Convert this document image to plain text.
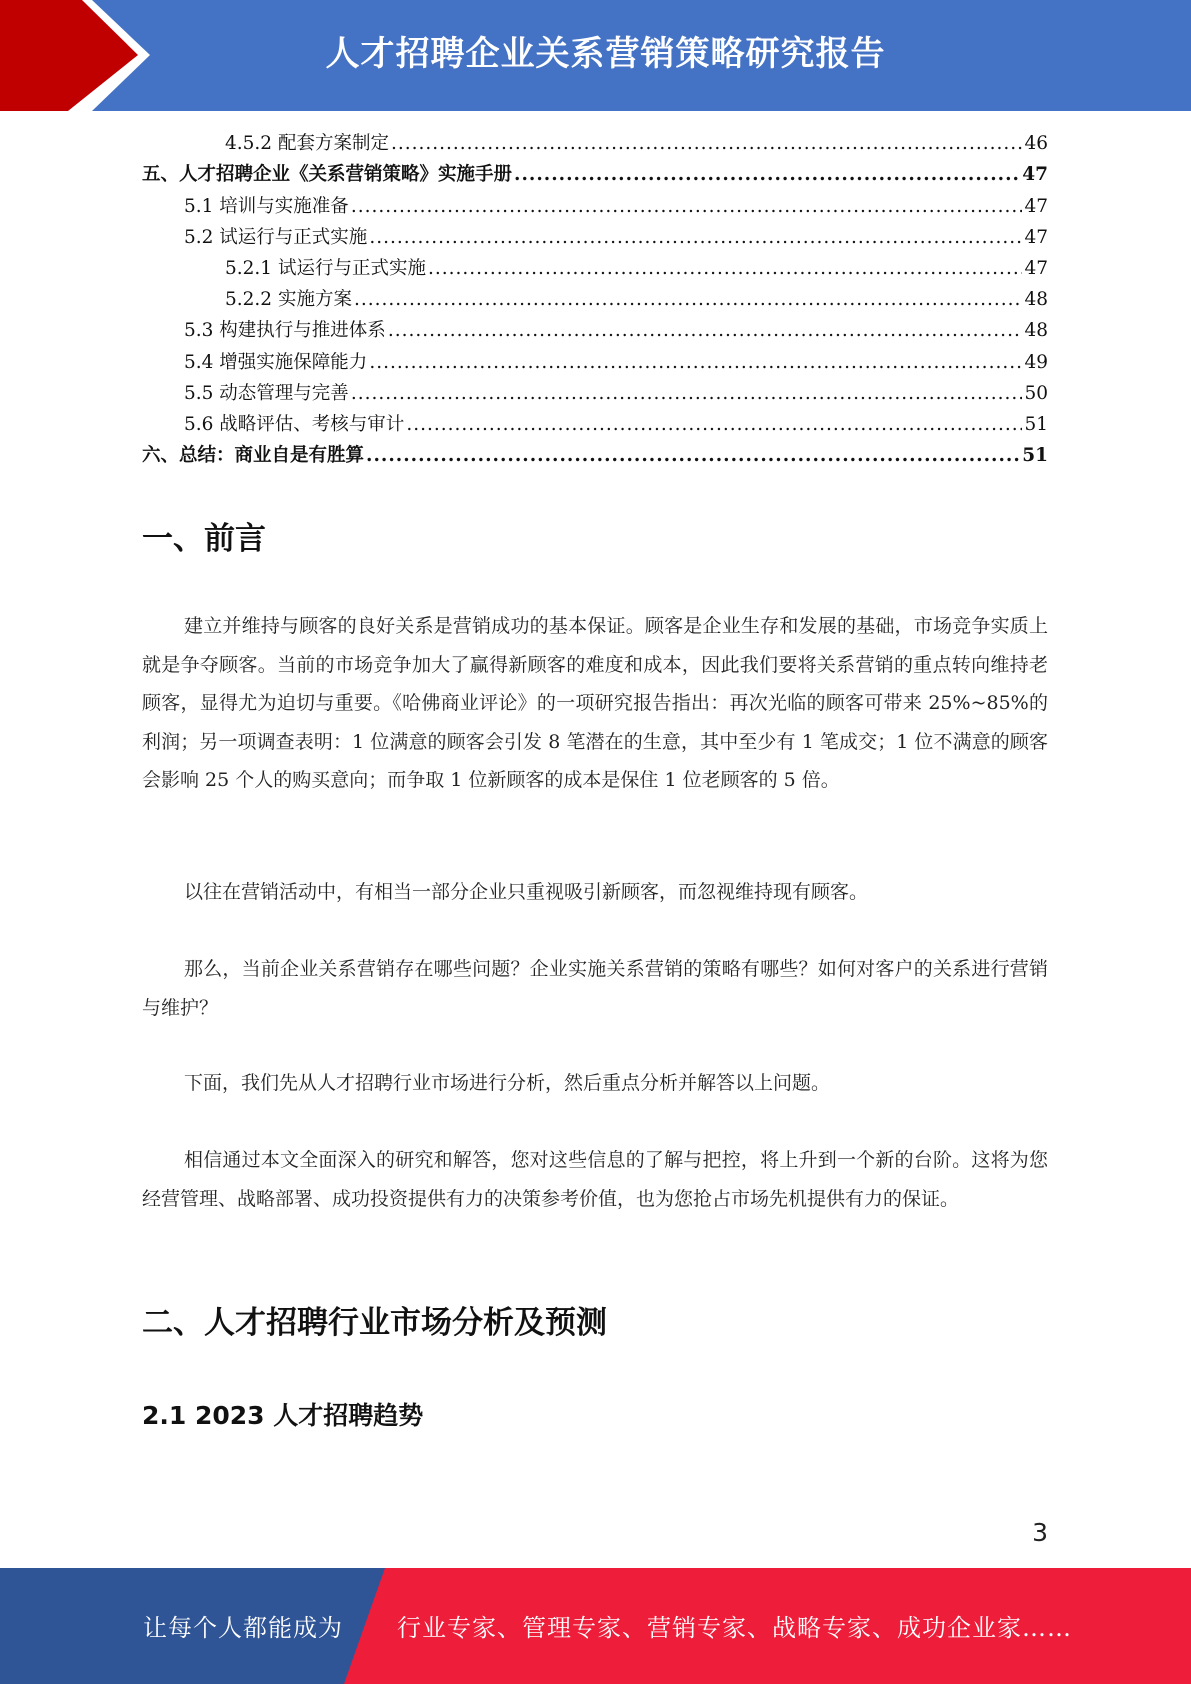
人才招聘企业关系营销策略研究报告
4.5.2 配套方案制定 .....	46
五、人才招聘企业《关系营销策略》实施手册 .....	47
5.1 培训与实施准备 .....	47
5.2 试运行与正式实施 .....	47
5.2.1 试运行与正式实施 .....	47
5.2.2 实施方案 .....	48
5.3 构建执行与推进体系 .....	48
5.4 增强实施保障能力 .....	49
5.5 动态管理与完善 .....	50
5.6 战略评估、考核与审计 .....	51
六、总结：商业自是有胜算 .....	51
一、前言

建立并维持与顾客的良好关系是营销成功的基本保证。顾客是企业生存和发展的基础，市场竞争实质上就是争夺顾客。当前的市场竞争加大了赢得新顾客的难度和成本，因此我们要将关系营销的重点转向维持老顾客，显得尤为迫切与重要。《哈佛商业评论》的一项研究报告指出：再次光临的顾客可带来 25%~85%的利润；另一项调查表明：1 位满意的顾客会引发 8 笔潜在的生意，其中至少有 1 笔成交；1 位不满意的顾客会影响 25 个人的购买意向；而争取 1 位新顾客的成本是保住 1 位老顾客的 5 倍。

以往在营销活动中，有相当一部分企业只重视吸引新顾客，而忽视维持现有顾客。

那么，当前企业关系营销存在哪些问题？企业实施关系营销的策略有哪些？如何对客户的关系进行营销与维护？

下面，我们先从人才招聘行业市场进行分析，然后重点分析并解答以上问题。

相信通过本文全面深入的研究和解答，您对这些信息的了解与把控，将上升到一个新的台阶。这将为您经营管理、战略部署、成功投资提供有力的决策参考价值，也为您抢占市场先机提供有力的保证。

二、人才招聘行业市场分析及预测
2.1 2023 人才招聘趋势
3
让每个人都能成为 行业专家、管理专家、营销专家、战略专家、成功企业家……
